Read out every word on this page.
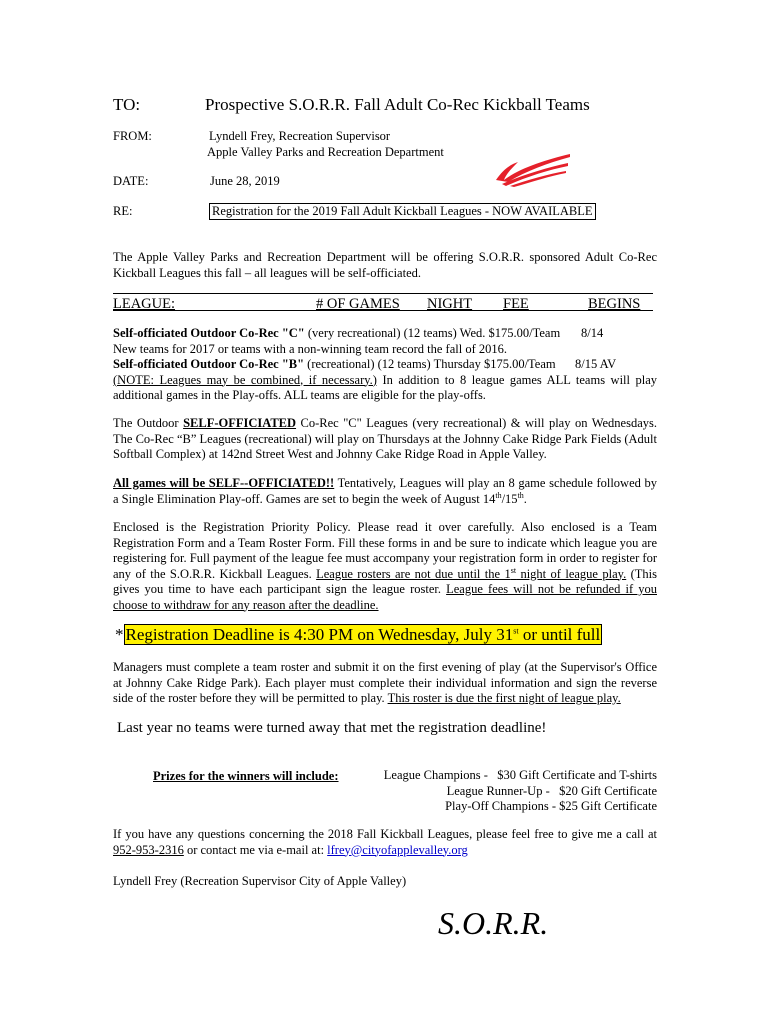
TO:	Prospective S.O.R.R. Fall Adult Co-Rec Kickball Teams
FROM:	Lyndell Frey, Recreation Supervisor
Apple Valley Parks and Recreation Department
DATE:	June 28, 2019
RE:	Registration for the 2019 Fall Adult Kickball Leagues - NOW AVAILABLE
The Apple Valley Parks and Recreation Department will be offering S.O.R.R. sponsored Adult Co-Rec Kickball Leagues this fall – all leagues will be self-officiated.
LEAGUE:	# OF GAMES NIGHT FEE	BEGINS
Self-officiated Outdoor Co-Rec "C" (very recreational) (12 teams) Wed. $175.00/Team 8/14
New teams for 2017 or teams with a non-winning team record the fall of 2016.
Self-officiated Outdoor Co-Rec "B" (recreational) (12 teams) Thursday $175.00/Team 8/15 AV
(NOTE: Leagues may be combined, if necessary.) In addition to 8 league games ALL teams will play additional games in the Play-offs. ALL teams are eligible for the play-offs.
The Outdoor SELF-OFFICIATED Co-Rec "C" Leagues (very recreational) & will play on Wednesdays. The Co-Rec “B” Leagues (recreational) will play on Thursdays at the Johnny Cake Ridge Park Fields (Adult Softball Complex) at 142nd Street West and Johnny Cake Ridge Road in Apple Valley.
All games will be SELF--OFFICIATED!! Tentatively, Leagues will play an 8 game schedule followed by a Single Elimination Play-off. Games are set to begin the week of August 14th/15th.
Enclosed is the Registration Priority Policy. Please read it over carefully. Also enclosed is a Team Registration Form and a Team Roster Form. Fill these forms in and be sure to indicate which league you are registering for. Full payment of the league fee must accompany your registration form in order to register for any of the S.O.R.R. Kickball Leagues. League rosters are not due until the 1st night of league play. (This gives you time to have each participant sign the league roster. League fees will not be refunded if you choose to withdraw for any reason after the deadline.
* Registration Deadline is 4:30 PM on Wednesday, July 31st or until full
Managers must complete a team roster and submit it on the first evening of play (at the Supervisor's Office at Johnny Cake Ridge Park). Each player must complete their individual information and sign the reverse side of the roster before they will be permitted to play. This roster is due the first night of league play.
Last year no teams were turned away that met the registration deadline!
Prizes for the winners will include:	League Champions -   $30 Gift Certificate and T-shirts
League Runner-Up -   $20 Gift Certificate
Play-Off Champions - $25 Gift Certificate
If you have any questions concerning the 2018 Fall Kickball Leagues, please feel free to give me a call at 952-953-2316 or contact me via e-mail at: lfrey@cityofapplevalley.org
Lyndell Frey (Recreation Supervisor City of Apple Valley)
S.O.R.R.
